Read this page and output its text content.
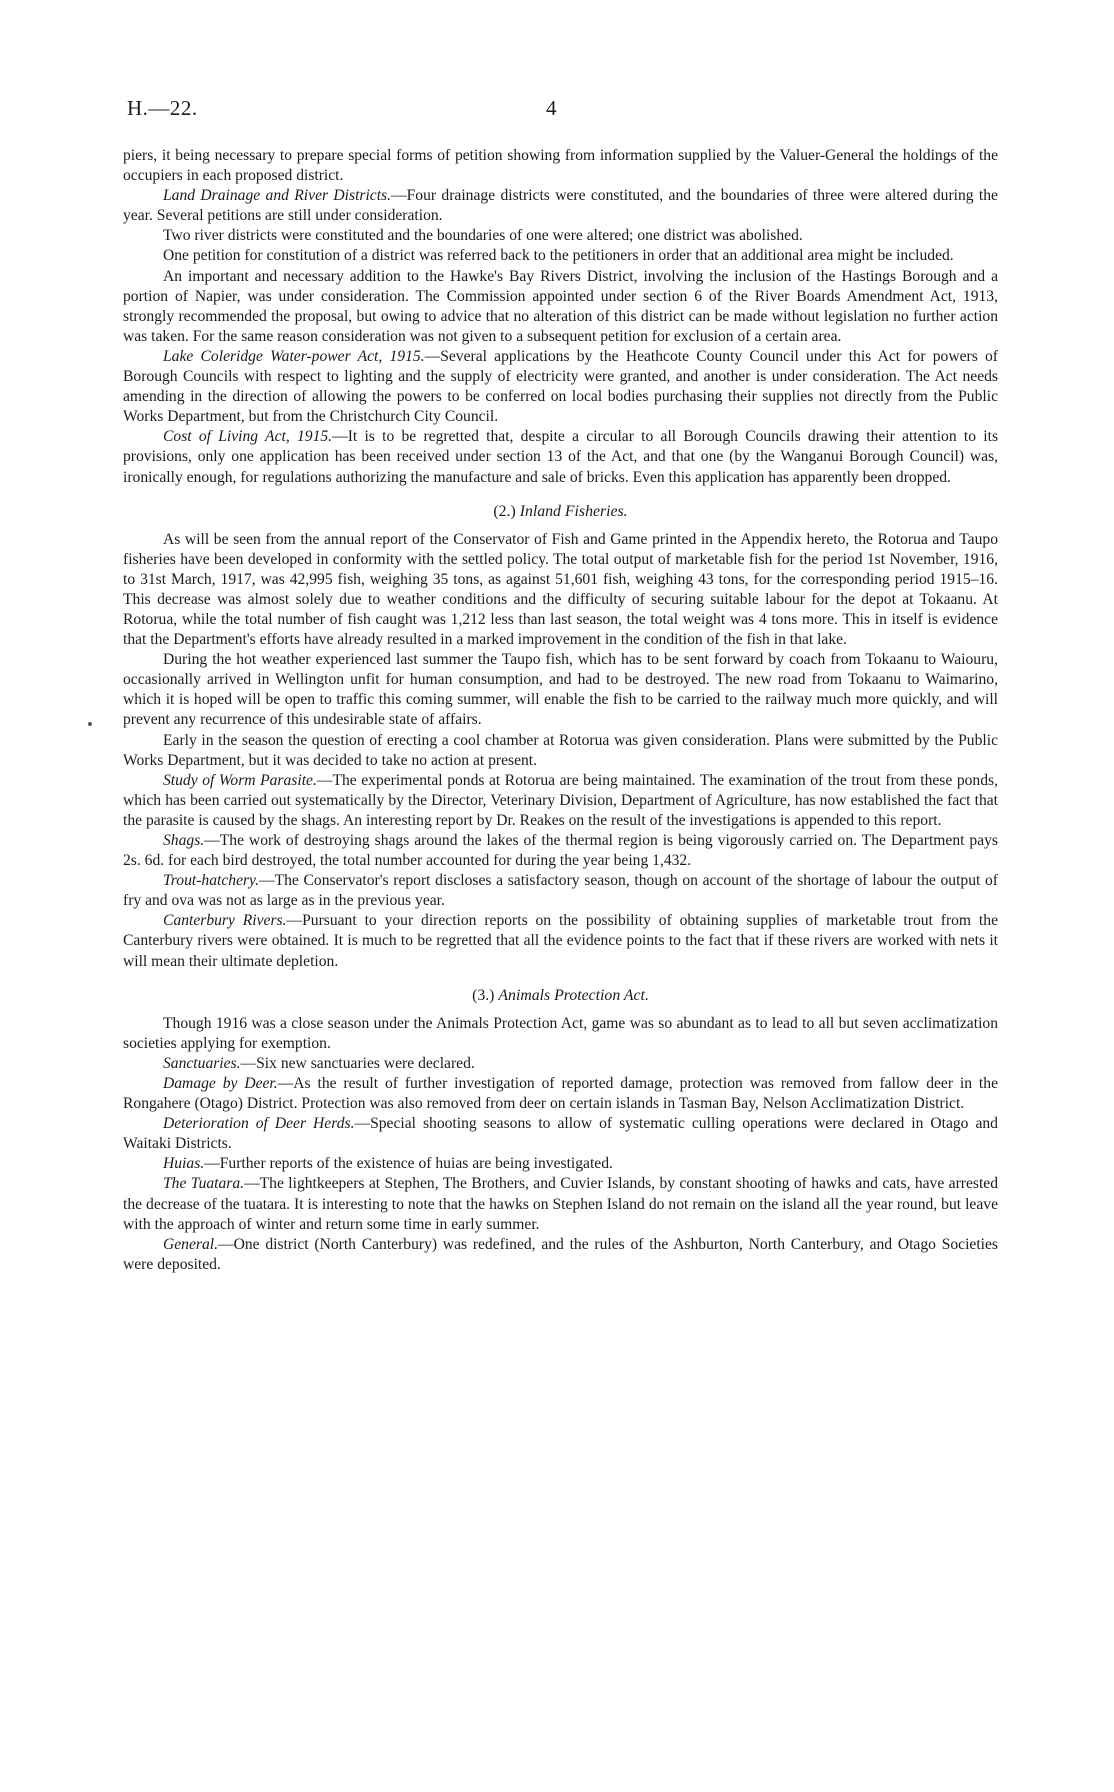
H.—22.	4

piers, it being necessary to prepare special forms of petition showing from information supplied by the Valuer-General the holdings of the occupiers in each proposed district.

Land Drainage and River Districts.—Four drainage districts were constituted, and the boundaries of three were altered during the year. Several petitions are still under consideration.

Two river districts were constituted and the boundaries of one were altered; one district was abolished.

One petition for constitution of a district was referred back to the petitioners in order that an additional area might be included.

An important and necessary addition to the Hawke's Bay Rivers District, involving the inclusion of the Hastings Borough and a portion of Napier, was under consideration. The Commission appointed under section 6 of the River Boards Amendment Act, 1913, strongly recommended the proposal, but owing to advice that no alteration of this district can be made without legislation no further action was taken. For the same reason consideration was not given to a subsequent petition for exclusion of a certain area.

Lake Coleridge Water-power Act, 1915.—Several applications by the Heathcote County Council under this Act for powers of Borough Councils with respect to lighting and the supply of electricity were granted, and another is under consideration. The Act needs amending in the direction of allowing the powers to be conferred on local bodies purchasing their supplies not directly from the Public Works Department, but from the Christchurch City Council.

Cost of Living Act, 1915.—It is to be regretted that, despite a circular to all Borough Councils drawing their attention to its provisions, only one application has been received under section 13 of the Act, and that one (by the Wanganui Borough Council) was, ironically enough, for regulations authorizing the manufacture and sale of bricks. Even this application has apparently been dropped.

(2.) Inland Fisheries.

As will be seen from the annual report of the Conservator of Fish and Game printed in the Appendix hereto, the Rotorua and Taupo fisheries have been developed in conformity with the settled policy. The total output of marketable fish for the period 1st November, 1916, to 31st March, 1917, was 42,995 fish, weighing 35 tons, as against 51,601 fish, weighing 43 tons, for the corresponding period 1915–16. This decrease was almost solely due to weather conditions and the difficulty of securing suitable labour for the depot at Tokaanu. At Rotorua, while the total number of fish caught was 1,212 less than last season, the total weight was 4 tons more. This in itself is evidence that the Department's efforts have already resulted in a marked improvement in the condition of the fish in that lake.

During the hot weather experienced last summer the Taupo fish, which has to be sent forward by coach from Tokaanu to Waiouru, occasionally arrived in Wellington unfit for human consumption, and had to be destroyed. The new road from Tokaanu to Waimarino, which it is hoped will be open to traffic this coming summer, will enable the fish to be carried to the railway much more quickly, and will prevent any recurrence of this undesirable state of affairs.

Early in the season the question of erecting a cool chamber at Rotorua was given consideration. Plans were submitted by the Public Works Department, but it was decided to take no action at present.

Study of Worm Parasite.—The experimental ponds at Rotorua are being maintained. The examination of the trout from these ponds, which has been carried out systematically by the Director, Veterinary Division, Department of Agriculture, has now established the fact that the parasite is caused by the shags. An interesting report by Dr. Reakes on the result of the investigations is appended to this report.

Shags.—The work of destroying shags around the lakes of the thermal region is being vigorously carried on. The Department pays 2s. 6d. for each bird destroyed, the total number accounted for during the year being 1,432.

Trout-hatchery.—The Conservator's report discloses a satisfactory season, though on account of the shortage of labour the output of fry and ova was not as large as in the previous year.

Canterbury Rivers.—Pursuant to your direction reports on the possibility of obtaining supplies of marketable trout from the Canterbury rivers were obtained. It is much to be regretted that all the evidence points to the fact that if these rivers are worked with nets it will mean their ultimate depletion.

(3.) Animals Protection Act.

Though 1916 was a close season under the Animals Protection Act, game was so abundant as to lead to all but seven acclimatization societies applying for exemption.

Sanctuaries.—Six new sanctuaries were declared.

Damage by Deer.—As the result of further investigation of reported damage, protection was removed from fallow deer in the Rongahere (Otago) District. Protection was also removed from deer on certain islands in Tasman Bay, Nelson Acclimatization District.

Deterioration of Deer Herds.—Special shooting seasons to allow of systematic culling operations were declared in Otago and Waitaki Districts.

Huias.—Further reports of the existence of huias are being investigated.

The Tuatara.—The lightkeepers at Stephen, The Brothers, and Cuvier Islands, by constant shooting of hawks and cats, have arrested the decrease of the tuatara. It is interesting to note that the hawks on Stephen Island do not remain on the island all the year round, but leave with the approach of winter and return some time in early summer.

General.—One district (North Canterbury) was redefined, and the rules of the Ashburton, North Canterbury, and Otago Societies were deposited.
